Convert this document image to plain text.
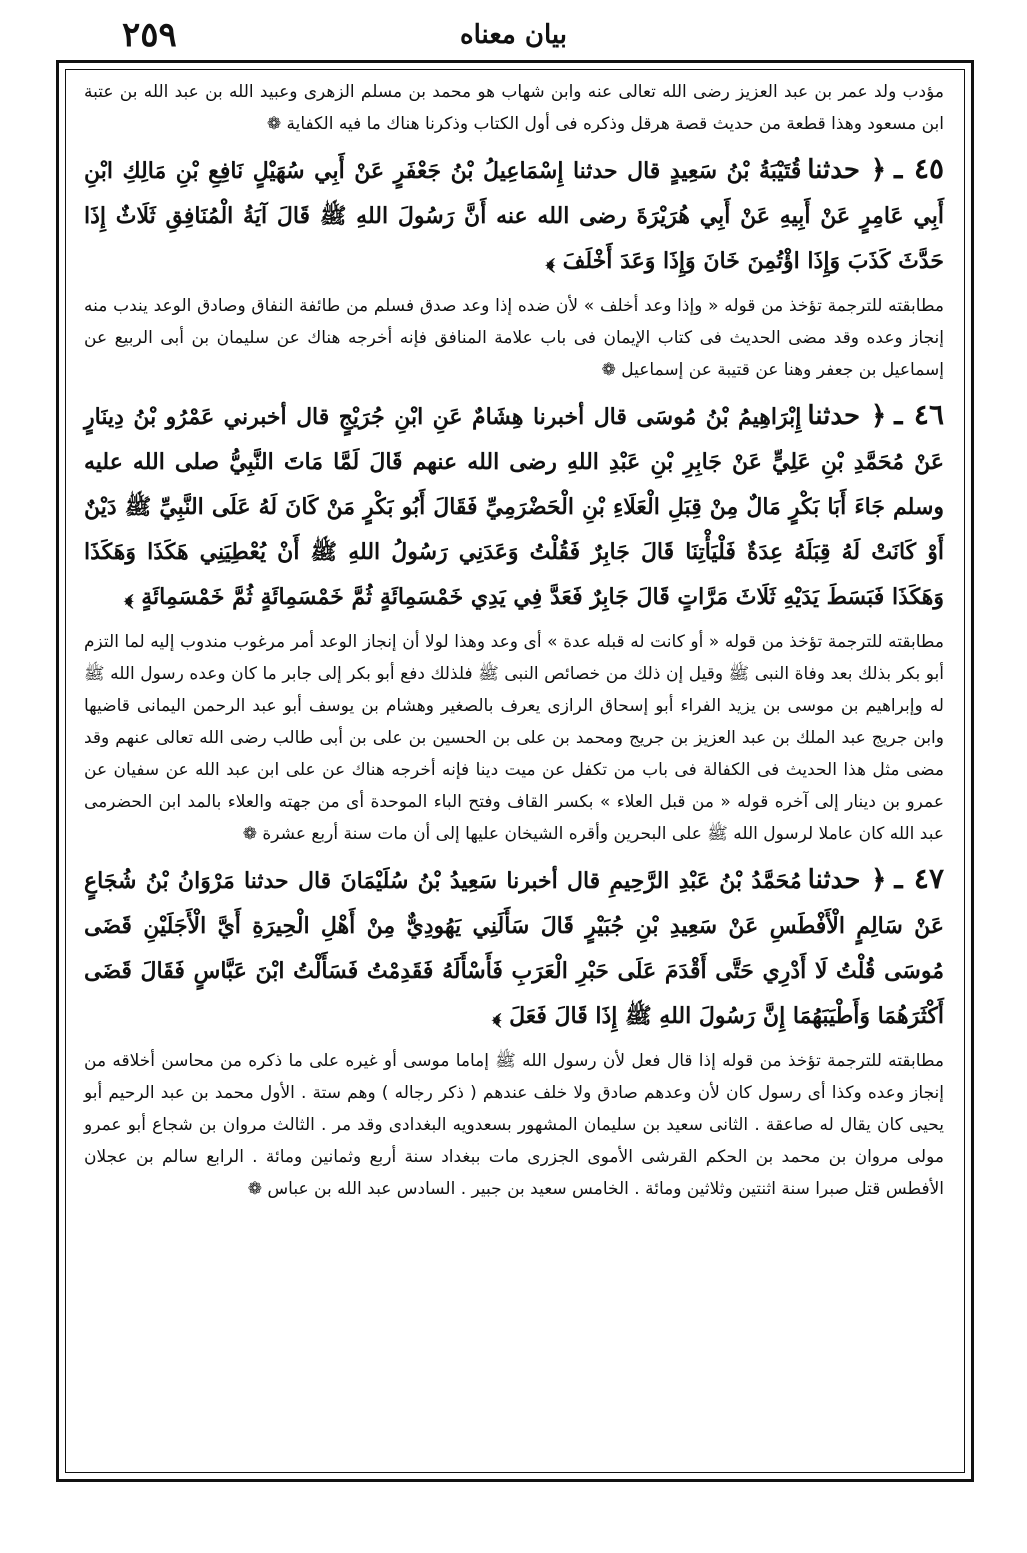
٢٥٩	بيان معناه

مؤدب ولد عمر بن عبد العزيز رضى الله تعالى عنه وابن شهاب هو محمد بن مسلم الزهرى وعبيد الله بن عبد الله بن عتبة ابن مسعود وهذا قطعة من حديث قصة هرقل وذكره فى أول الكتاب وذكرنا هناك ما فيه الكفاية ❁

٤٥ ـ﴿ حدثناقُتَيْبَةُ بْنُ سَعِيدٍ قال حدثنا إِسْمَاعِيلُ بْنُ جَعْفَرٍ عَنْ أَبِي سُهَيْلٍ نَافِعِ بْنِ مَالِكِ ابْنِ أَبِي عَامِرٍ عَنْ أَبِيهِ عَنْ أَبِي هُرَيْرَةَ رضى الله عنه أَنَّ رَسُولَ اللهِ ﷺ قَالَ آيَةُ الْمُنَافِقِ ثَلَاثٌ إِذَا حَدَّثَ كَذَبَ وَإِذَا اؤْتُمِنَ خَانَ وَإِذَا وَعَدَ أَخْلَفَ ﴾

مطابقته للترجمة تؤخذ من قوله « وإذا وعد أخلف » لأن ضده إذا وعد صدق فسلم من طائفة النفاق وصادق الوعد يندب منه إنجاز وعده وقد مضى الحديث فى كتاب الإيمان فى باب علامة المنافق فإنه أخرجه هناك عن سليمان بن أبى الربيع عن إسماعيل بن جعفر وهنا عن قتيبة عن إسماعيل ❁

٤٦ ـ﴿ حدثناإِبْرَاهِيمُ بْنُ مُوسَى قال أخبرنا هِشَامٌ عَنِ ابْنِ جُرَيْجٍ قال أخبرني عَمْرُو بْنُ دِينَارٍ عَنْ مُحَمَّدِ بْنِ عَلِيٍّ عَنْ جَابِرِ بْنِ عَبْدِ اللهِ رضى الله عنهم قَالَ لَمَّا مَاتَ النَّبِيُّ صلى الله عليه وسلم جَاءَ أَبَا بَكْرٍ مَالٌ مِنْ قِبَلِ الْعَلَاءِ بْنِ الْحَضْرَمِيِّ فَقَالَ أَبُو بَكْرٍ مَنْ كَانَ لَهُ عَلَى النَّبِيِّ ﷺ دَيْنٌ أَوْ كَانَتْ لَهُ قِبَلَهُ عِدَةٌ فَلْيَأْتِنَا قَالَ جَابِرٌ فَقُلْتُ وَعَدَنِي رَسُولُ اللهِ ﷺ أَنْ يُعْطِيَنِي هَكَذَا وَهَكَذَا وَهَكَذَا فَبَسَطَ يَدَيْهِ ثَلَاثَ مَرَّاتٍ قَالَ جَابِرٌ فَعَدَّ فِي يَدِي خَمْسَمِائَةٍ ثُمَّ خَمْسَمِائَةٍ ثُمَّ خَمْسَمِائَةٍ ﴾

مطابقته للترجمة تؤخذ من قوله « أو كانت له قبله عدة » أى وعد وهذا لولا أن إنجاز الوعد أمر مرغوب مندوب إليه لما التزم أبو بكر بذلك بعد وفاة النبى ﷺ وقيل إن ذلك من خصائص النبى ﷺ فلذلك دفع أبو بكر إلى جابر ما كان وعده رسول الله ﷺ له وإبراهيم بن موسى بن يزيد الفراء أبو إسحاق الرازى يعرف بالصغير وهشام بن يوسف أبو عبد الرحمن اليمانى قاضيها وابن جريج عبد الملك بن عبد العزيز بن جريج ومحمد بن على بن الحسين بن على بن أبى طالب رضى الله تعالى عنهم وقد مضى مثل هذا الحديث فى الكفالة فى باب من تكفل عن ميت دينا فإنه أخرجه هناك عن على ابن عبد الله عن سفيان عن عمرو بن دينار إلى آخره قوله « من قبل العلاء » بكسر القاف وفتح الباء الموحدة أى من جهته والعلاء بالمد ابن الحضرمى عبد الله كان عاملا لرسول الله ﷺ على البحرين وأقره الشيخان عليها إلى أن مات سنة أربع عشرة ❁

٤٧ ـ﴿ حدثنامُحَمَّدُ بْنُ عَبْدِ الرَّحِيمِ قال أخبرنا سَعِيدُ بْنُ سُلَيْمَانَ قال حدثنا مَرْوَانُ بْنُ شُجَاعٍ عَنْ سَالِمٍ الْأَفْطَسِ عَنْ سَعِيدِ بْنِ جُبَيْرٍ قَالَ سَأَلَنِي يَهُودِيٌّ مِنْ أَهْلِ الْحِيرَةِ أَيَّ الْأَجَلَيْنِ قَضَى مُوسَى قُلْتُ لَا أَدْرِي حَتَّى أَقْدَمَ عَلَى حَبْرِ الْعَرَبِ فَأَسْأَلَهُ فَقَدِمْتُ فَسَأَلْتُ ابْنَ عَبَّاسٍ فَقَالَ قَضَى أَكْثَرَهُمَا وَأَطْيَبَهُمَا إِنَّ رَسُولَ اللهِ ﷺ إِذَا قَالَ فَعَلَ ﴾

مطابقته للترجمة تؤخذ من قوله إذا قال فعل لأن رسول الله ﷺ إماما موسى أو غيره على ما ذكره من محاسن أخلاقه من إنجاز وعده وكذا أى رسول كان لأن وعدهم صادق ولا خلف عندهم ( ذكر رجاله ) وهم ستة . الأول محمد بن عبد الرحيم أبو يحيى كان يقال له صاعقة . الثانى سعيد بن سليمان المشهور بسعدويه البغدادى وقد مر . الثالث مروان بن شجاع أبو عمرو مولى مروان بن محمد بن الحكم القرشى الأموى الجزرى مات ببغداد سنة أربع وثمانين ومائة . الرابع سالم بن عجلان الأفطس قتل صبرا سنة اثنتين وثلاثين ومائة . الخامس سعيد بن جبير . السادس عبد الله بن عباس ❁
